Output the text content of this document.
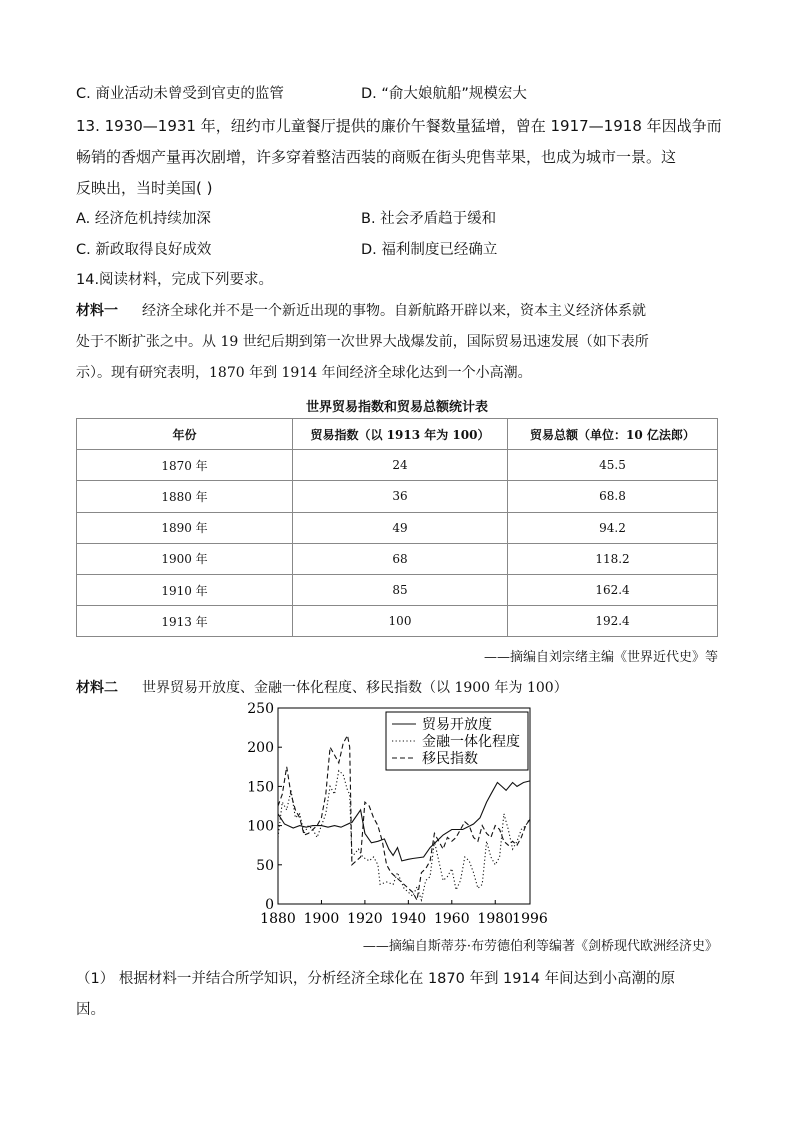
C. 商业活动未曾受到官吏的监管	D. “俞大娘航船”规模宏大
13. 1930—1931 年，纽约市儿童餐厅提供的廉价午餐数量猛增，曾在 1917—1918 年因战争而
畅销的香烟产量再次剧增，许多穿着整洁西装的商贩在街头兜售苹果，也成为城市一景。这
反映出，当时美国( )
A. 经济危机持续加深	B. 社会矛盾趋于缓和
C. 新政取得良好成效	D. 福利制度已经确立
14.阅读材料，完成下列要求。
材料一 经济全球化并不是一个新近出现的事物。自新航路开辟以来，资本主义经济体系就
处于不断扩张之中。从 19 世纪后期到第一次世界大战爆发前，国际贸易迅速发展（如下表所
示）。现有研究表明，1870 年到 1914 年间经济全球化达到一个小高潮。
世界贸易指数和贸易总额统计表
年份	贸易指数（以 1913 年为 100）	贸易总额（单位：10 亿法郎）
1870 年	24	45.5
1880 年	36	68.8
1890 年	49	94.2
1900 年	68	118.2
1910 年	85	162.4
1913 年	100	192.4
——摘编自刘宗绪主编《世界近代史》等
材料二 世界贸易开放度、金融一体化程度、移民指数（以 1900 年为 100）
0
50
100
150
200
250
1880 1900 1920 1940 1960 1980 1996
贸易开放度
金融一体化程度
移民指数
——摘编自斯蒂芬·布劳德伯利等编著《剑桥现代欧洲经济史》
（1） 根据材料一并结合所学知识，分析经济全球化在 1870 年到 1914 年间达到小高潮的原
因。
